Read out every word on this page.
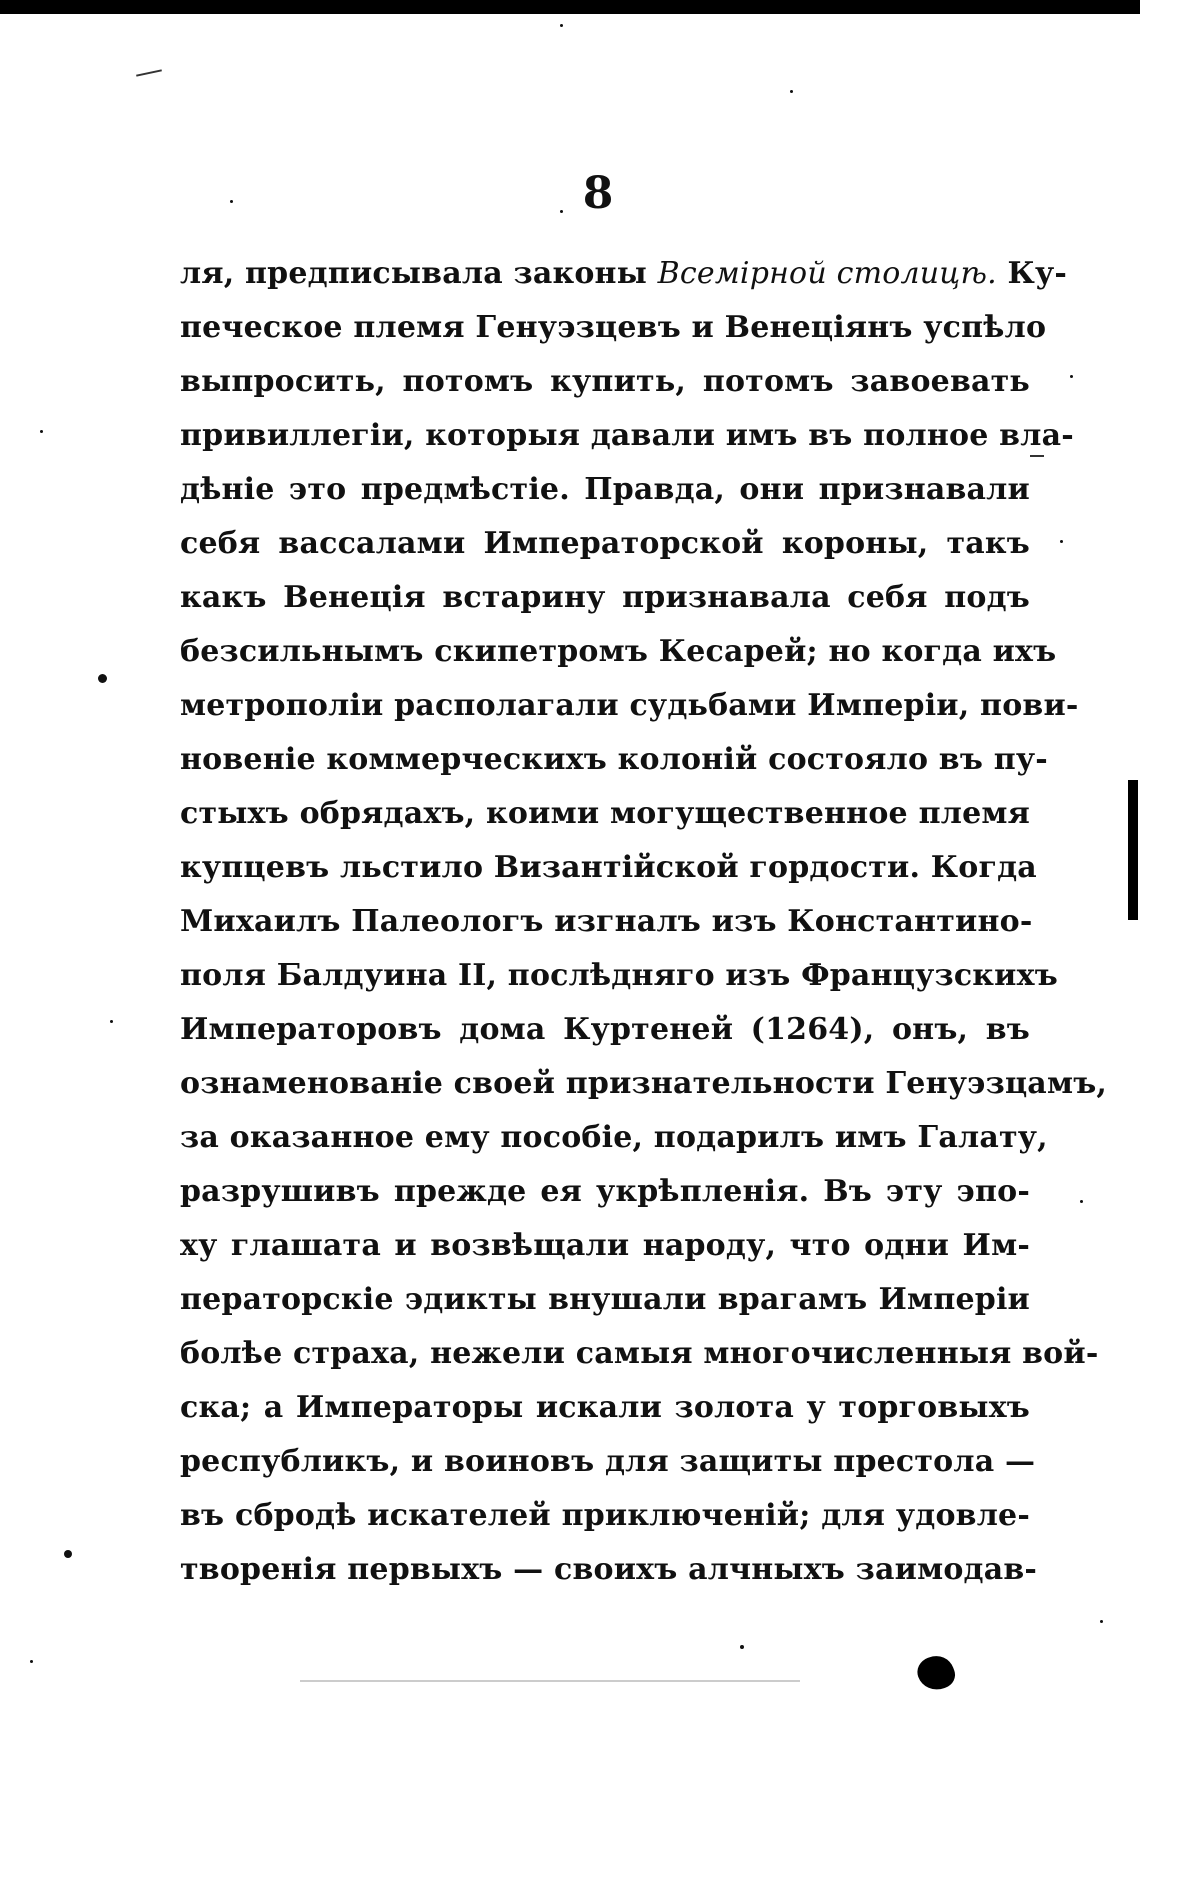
8
ля, предписывала законы Всемірной столицѣ. Ку-
печеское племя Генуэзцевъ и Венеціянъ успѣло
выпросить, потомъ купить, потомъ завоевать
привиллегіи, которыя давали имъ въ полное вла-
дѣніе это предмѣстіе. Правда, они признавали
себя вассалами Императорской короны, такъ
какъ Венеція встарину признавала себя подъ
безсильнымъ скипетромъ Кесарей; но когда ихъ
метрополіи располагали судьбами Имперіи, пови-
новеніе коммерческихъ колоній состояло въ пу-
стыхъ обрядахъ, коими могущественное племя
купцевъ льстило Византійской гордости. Когда
Михаилъ Палеологъ изгналъ изъ Константино-
поля Балдуина II, послѣдняго изъ Французскихъ
Императоровъ дома Куртеней (1264), онъ, въ
ознаменованіе своей признательности Генуэзцамъ,
за оказанное ему пособіе, подарилъ имъ Галату,
разрушивъ прежде ея укрѣпленія. Въ эту эпо-
ху глашата и возвѣщали народу, что одни Им-
ператорскіе эдикты внушали врагамъ Имперіи
болѣе страха, нежели самыя многочисленныя вой-
ска; а Императоры искали золота у торговыхъ
республикъ, и воиновъ для защиты престола —
въ сбродѣ искателей приключеній; для удовле-
творенія первыхъ — своихъ алчныхъ заимодав-
